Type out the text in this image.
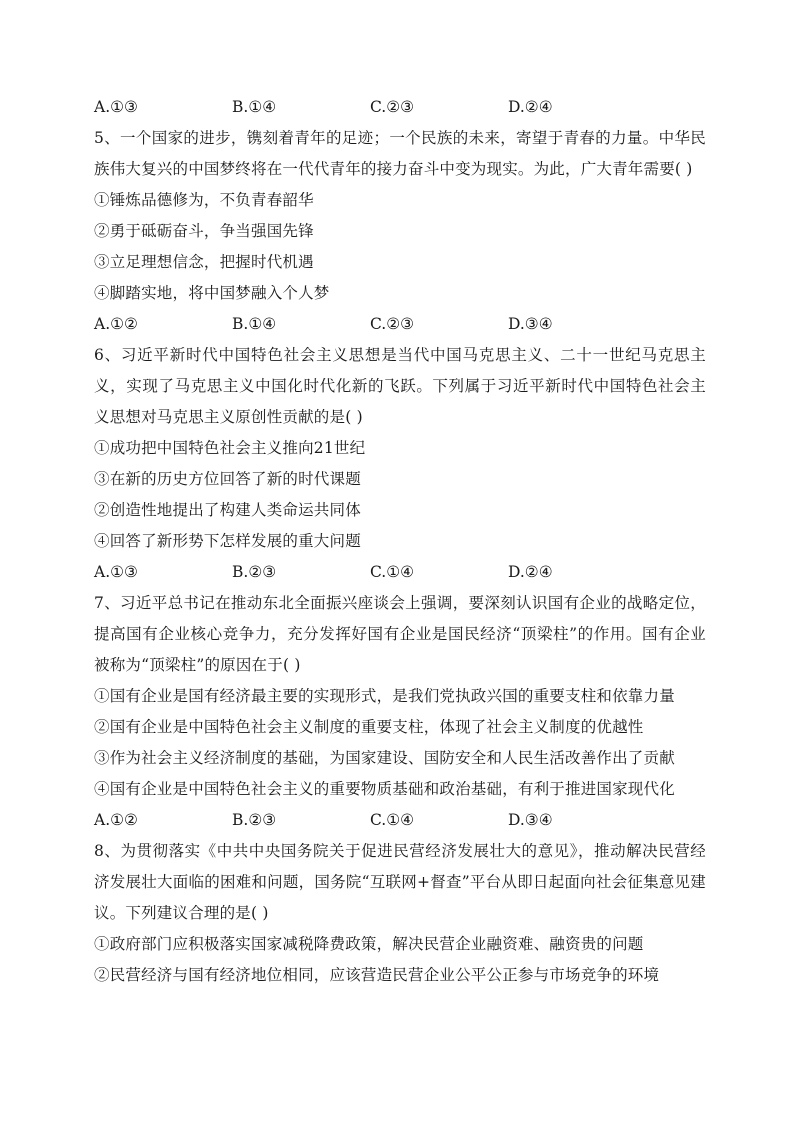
A.①③	B.①④	C.②③	D.②④
5、一个国家的进步，镌刻着青年的足迹；一个民族的未来，寄望于青春的力量。中华民族伟大复兴的中国梦终将在一代代青年的接力奋斗中变为现实。为此，广大青年需要( )
①锤炼品德修为，不负青春韶华
②勇于砥砺奋斗，争当强国先锋
③立足理想信念，把握时代机遇
④脚踏实地，将中国梦融入个人梦
A.①②	B.①④	C.②③	D.③④
6、习近平新时代中国特色社会主义思想是当代中国马克思主义、二十一世纪马克思主义，实现了马克思主义中国化时代化新的飞跃。下列属于习近平新时代中国特色社会主义思想对马克思主义原创性贡献的是( )
①成功把中国特色社会主义推向21世纪
③在新的历史方位回答了新的时代课题
②创造性地提出了构建人类命运共同体
④回答了新形势下怎样发展的重大问题
A.①③	B.②③	C.①④	D.②④
7、习近平总书记在推动东北全面振兴座谈会上强调，要深刻认识国有企业的战略定位，提高国有企业核心竞争力，充分发挥好国有企业是国民经济“顶梁柱”的作用。国有企业被称为“顶梁柱”的原因在于( )
①国有企业是国有经济最主要的实现形式，是我们党执政兴国的重要支柱和依靠力量
②国有企业是中国特色社会主义制度的重要支柱，体现了社会主义制度的优越性
③作为社会主义经济制度的基础，为国家建设、国防安全和人民生活改善作出了贡献
④国有企业是中国特色社会主义的重要物质基础和政治基础，有利于推进国家现代化
A.①②	B.②③	C.①④	D.③④
8、为贯彻落实《中共中央国务院关于促进民营经济发展壮大的意见》，推动解决民营经济发展壮大面临的困难和问题，国务院“互联网+督查”平台从即日起面向社会征集意见建议。下列建议合理的是( )
①政府部门应积极落实国家减税降费政策，解决民营企业融资难、融资贵的问题
②民营经济与国有经济地位相同，应该营造民营企业公平公正参与市场竞争的环境
